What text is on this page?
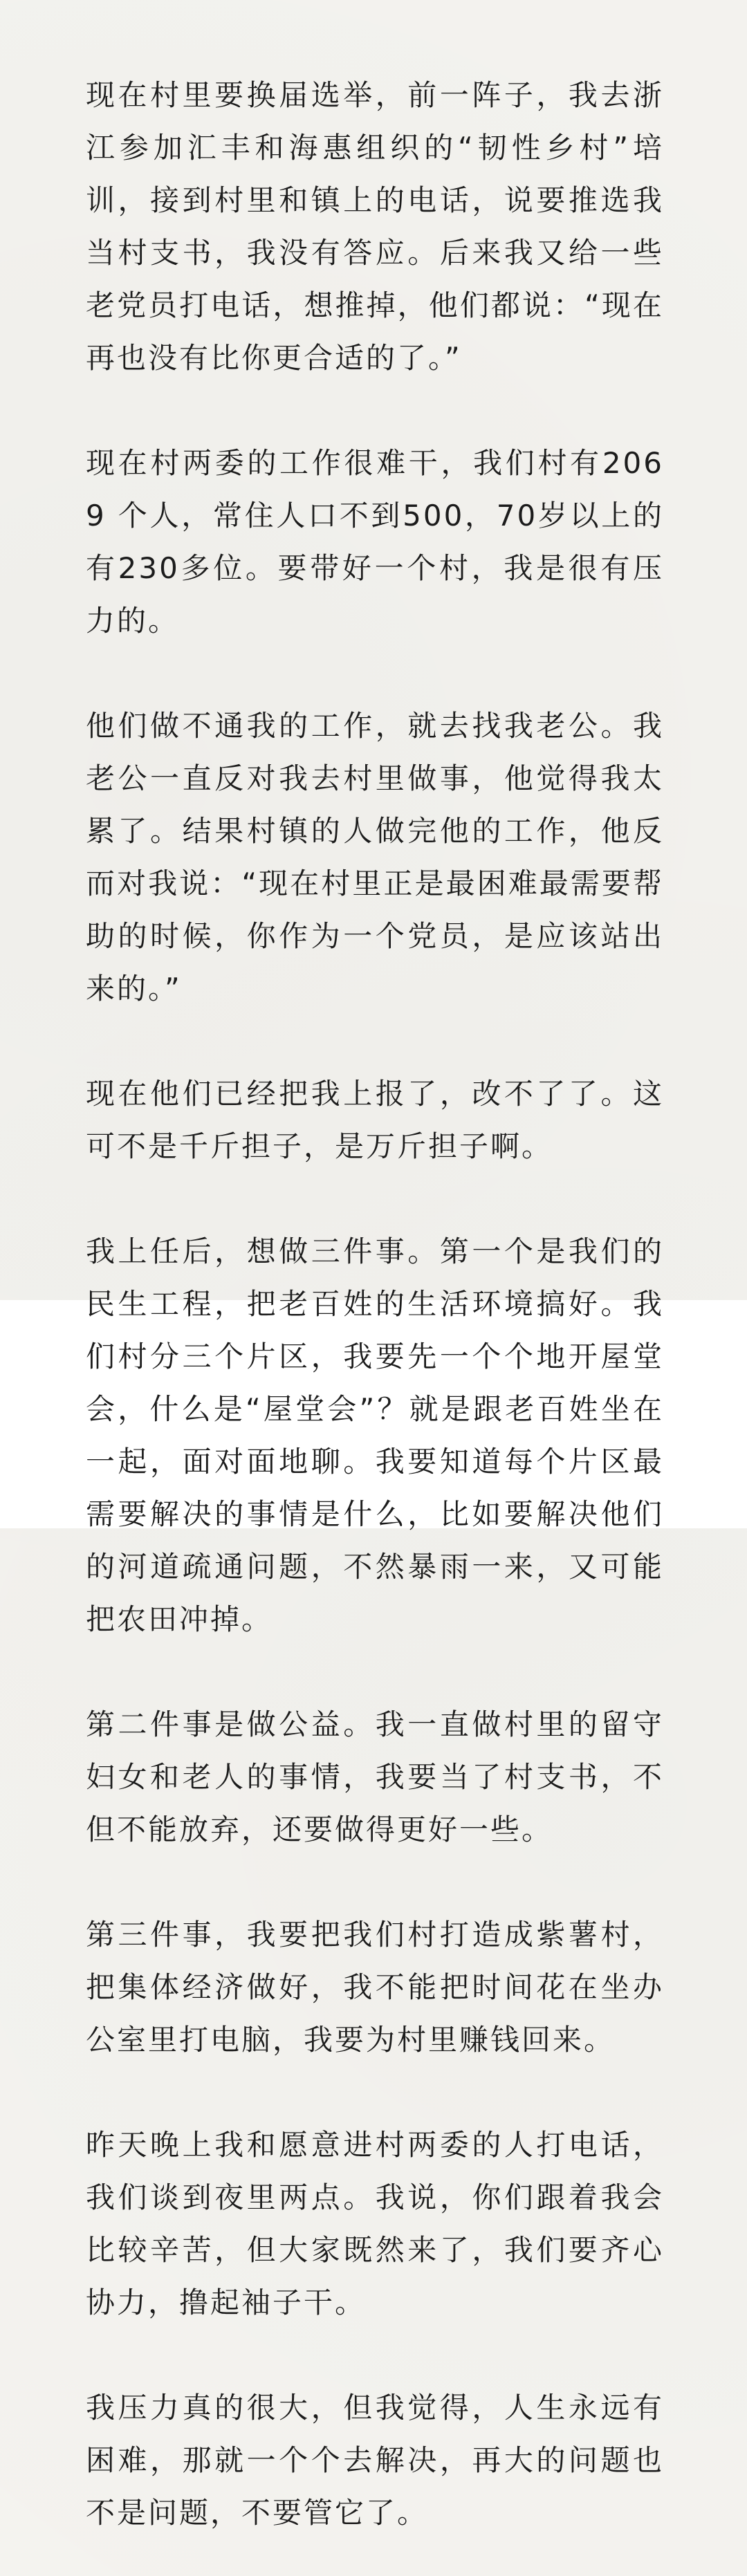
现在村里要换届选举，前一阵子，我去浙江参加汇丰和海惠组织的“韧性乡村”培训，接到村里和镇上的电话，说要推选我当村支书，我没有答应。后来我又给一些老党员打电话，想推掉，他们都说：“现在再也没有比你更合适的了。”

现在村两委的工作很难干，我们村有2069 个人，常住人口不到500，70岁以上的有230多位。要带好一个村，我是很有压力的。

他们做不通我的工作，就去找我老公。我老公一直反对我去村里做事，他觉得我太累了。结果村镇的人做完他的工作，他反而对我说：“现在村里正是最困难最需要帮助的时候，你作为一个党员，是应该站出来的。”

现在他们已经把我上报了，改不了了。这可不是千斤担子，是万斤担子啊。

我上任后，想做三件事。第一个是我们的民生工程，把老百姓的生活环境搞好。我们村分三个片区，我要先一个个地开屋堂会，什么是“屋堂会”？就是跟老百姓坐在一起，面对面地聊。我要知道每个片区最需要解决的事情是什么，比如要解决他们的河道疏通问题，不然暴雨一来，又可能把农田冲掉。

第二件事是做公益。我一直做村里的留守妇女和老人的事情，我要当了村支书，不但不能放弃，还要做得更好一些。

第三件事，我要把我们村打造成紫薯村，把集体经济做好，我不能把时间花在坐办公室里打电脑，我要为村里赚钱回来。

昨天晚上我和愿意进村两委的人打电话，我们谈到夜里两点。我说，你们跟着我会比较辛苦，但大家既然来了，我们要齐心协力，撸起袖子干。

我压力真的很大，但我觉得，人生永远有困难，那就一个个去解决，再大的问题也不是问题，不要管它了。
